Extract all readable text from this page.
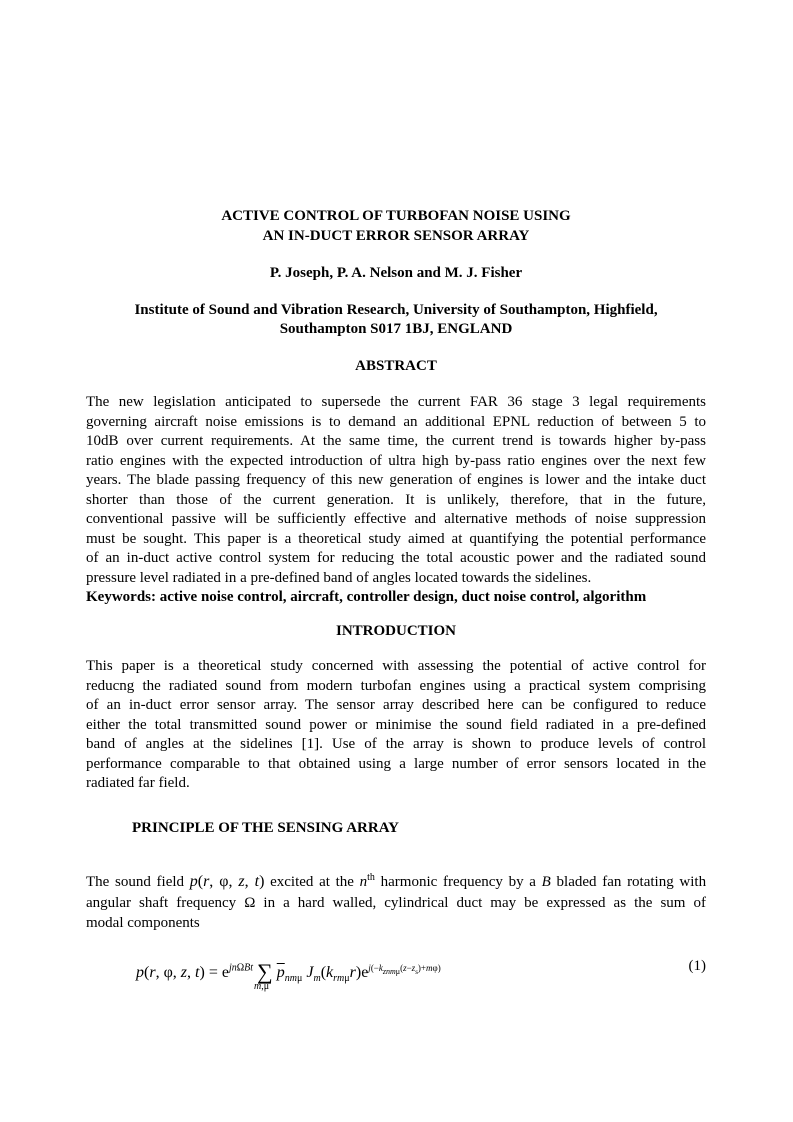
ACTIVE CONTROL OF TURBOFAN NOISE USING

AN IN-DUCT ERROR SENSOR ARRAY

P. Joseph, P. A. Nelson and M. J. Fisher

Institute of Sound and Vibration Research, University of Southampton, Highfield,

Southampton S017 1BJ, ENGLAND

ABSTRACT

The new legislation anticipated to supersede the current FAR 36 stage 3 legal requirements
governing aircraft noise emissions is to demand an additional EPNL reduction of between 5 to
10dB over current requirements. At the same time, the current trend is towards higher by-pass
ratio engines with the expected introduction of ultra high by-pass ratio engines over the next few
years. The blade passing frequency of this new generation of engines is lower and the intake duct
shorter than those of the current generation. It is unlikely, therefore, that in the future,
conventional passive will be sufficiently effective and alternative methods of noise suppression
must be sought. This paper is a theoretical study aimed at quantifying the potential performance
of an in-duct active control system for reducing the total acoustic power and the radiated sound
pressure level radiated in a pre-defined band of angles located towards the sidelines.
Keywords: active noise control, aircraft, controller design, duct noise control, algorithm

INTRODUCTION

This paper is a theoretical study concerned with assessing the potential of active control for
reducng the radiated sound from modern turbofan engines using a practical system comprising
of an in-duct error sensor array. The sensor array described here can be configured to reduce
either the total transmitted sound power or minimise the sound field radiated in a pre-defined
band of angles at the sidelines [1]. Use of the array is shown to produce levels of control
performance comparable to that obtained using a large number of error sensors located in the
radiated far field.

PRINCIPLE OF THE SENSING ARRAY

The sound field p(r, φ, z, t) excited at the $n^{th}$ harmonic frequency by a B bladed fan rotating with
angular shaft frequency Ω in a hard walled, cylindrical duct may be expressed as the sum of
modal components
p(r, φ, z, $t) = e^{jn\Omega Bt}$ ∑ $\overline{p}_{nm\mu}$ $J_m(k_{rm\mu}r)e^{j(-k_{znm\mu}(z-z_s)+m\varphi)}$
m,μ
(1)
